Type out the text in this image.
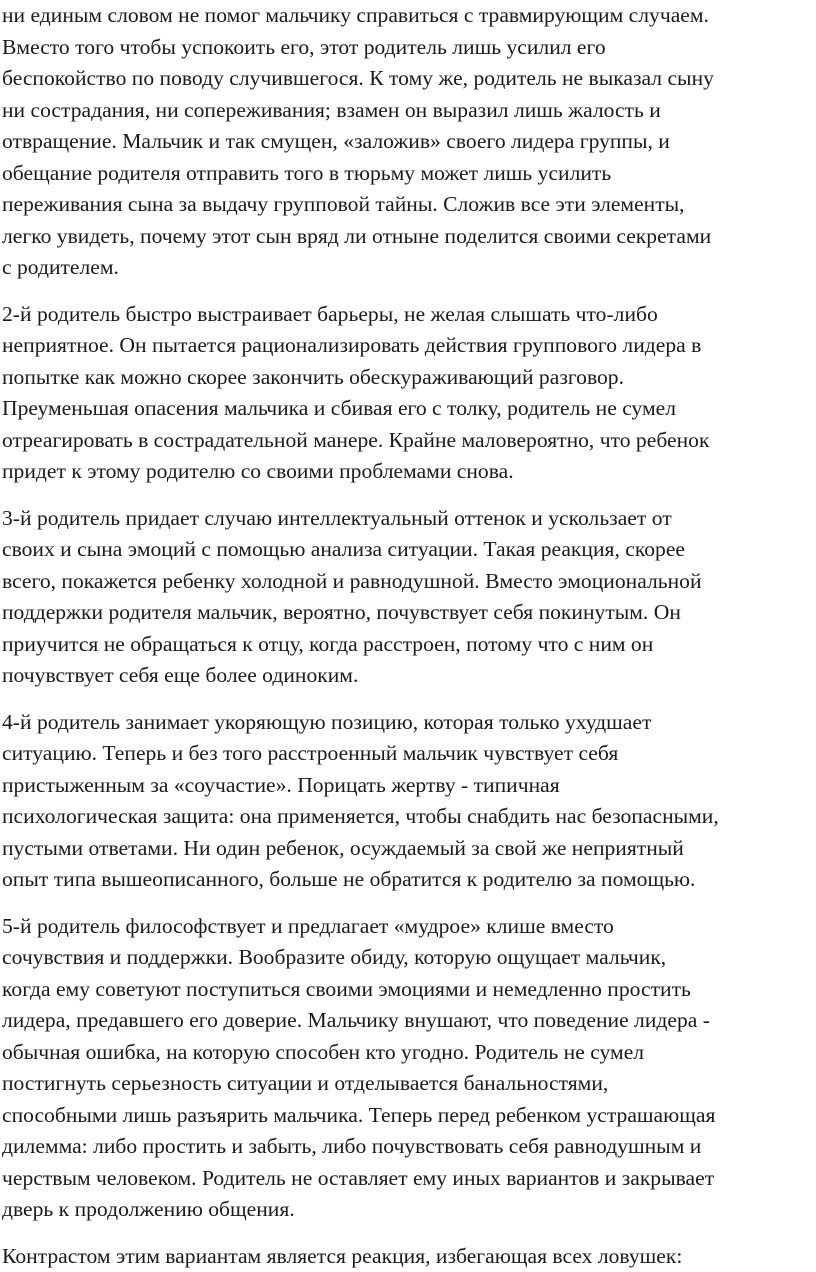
ни единым словом не помог мальчику справиться с травмирующим случаем.
Вместо того чтобы успокоить его, этот родитель лишь усилил его
беспокойство по поводу случившегося. К тому же, родитель не выказал сыну
ни сострадания, ни сопереживания; взамен он выразил лишь жалость и
отвращение. Мальчик и так смущен, «заложив» своего лидера группы, и
обещание родителя отправить того в тюрьму может лишь усилить
переживания сына за выдачу групповой тайны. Сложив все эти элементы,
легко увидеть, почему этот сын вряд ли отныне поделится своими секретами
с родителем.

2-й родитель быстро выстраивает барьеры, не желая слышать что-либо
неприятное. Он пытается рационализировать действия группового лидера в
попытке как можно скорее закончить обескураживающий разговор.
Преуменьшая опасения мальчика и сбивая его с толку, родитель не сумел
отреагировать в сострадательной манере. Крайне маловероятно, что ребенок
придет к этому родителю со своими проблемами снова.

3-й родитель придает случаю интеллектуальный оттенок и ускользает от
своих и сына эмоций с помощью анализа ситуации. Такая реакция, скорее
всего, покажется ребенку холодной и равнодушной. Вместо эмоциональной
поддержки родителя мальчик, вероятно, почувствует себя покинутым. Он
приучится не обращаться к отцу, когда расстроен, потому что с ним он
почувствует себя еще более одиноким.

4-й родитель занимает укоряющую позицию, которая только ухудшает
ситуацию. Теперь и без того расстроенный мальчик чувствует себя
пристыженным за «соучастие». Порицать жертву - типичная
психологическая защита: она применяется, чтобы снабдить нас безопасными,
пустыми ответами. Ни один ребенок, осуждаемый за свой же неприятный
опыт типа вышеописанного, больше не обратится к родителю за помощью.

5-й родитель философствует и предлагает «мудрое» клише вместо
сочувствия и поддержки. Вообразите обиду, которую ощущает мальчик,
когда ему советуют поступиться своими эмоциями и немедленно простить
лидера, предавшего его доверие. Мальчику внушают, что поведение лидера -
обычная ошибка, на которую способен кто угодно. Родитель не сумел
постигнуть серьезность ситуации и отделывается банальностями,
способными лишь разъярить мальчика. Теперь перед ребенком устрашающая
дилемма: либо простить и забыть, либо почувствовать себя равнодушным и
черствым человеком. Родитель не оставляет ему иных вариантов и закрывает
дверь к продолжению общения.

Контрастом этим вариантам является реакция, избегающая всех ловушек:
